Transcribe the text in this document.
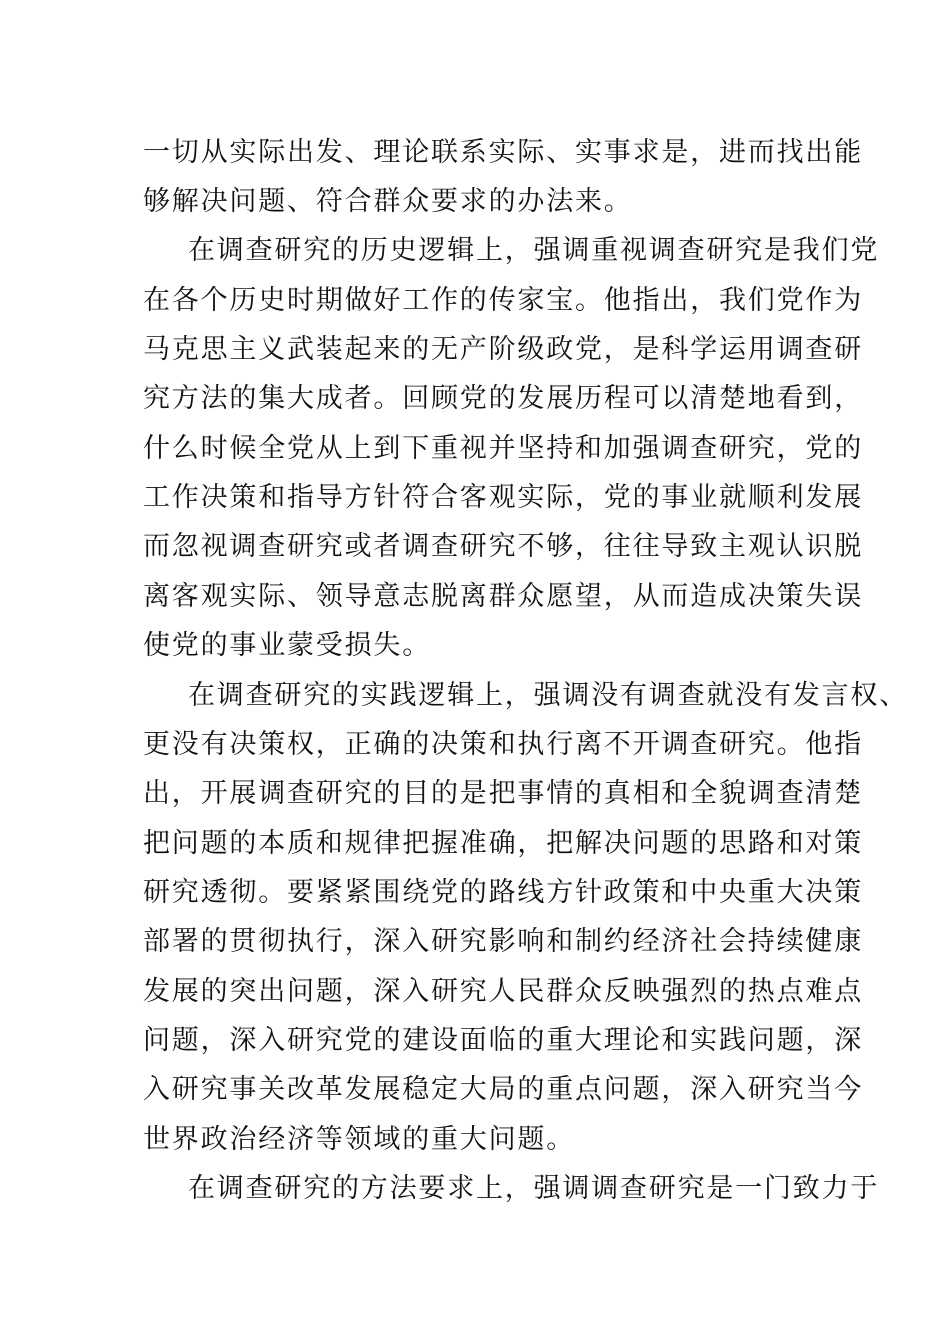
一切从实际出发、理论联系实际、实事求是，进而找出能

够解决问题、符合群众要求的办法来。

在调查研究的历史逻辑上，强调重视调查研究是我们党

在各个历史时期做好工作的传家宝。他指出，我们党作为

马克思主义武装起来的无产阶级政党，是科学运用调查研

究方法的集大成者。回顾党的发展历程可以清楚地看到，

什么时候全党从上到下重视并坚持和加强调查研究，党的

工作决策和指导方针符合客观实际，党的事业就顺利发展

而忽视调查研究或者调查研究不够，往往导致主观认识脱

离客观实际、领导意志脱离群众愿望，从而造成决策失误

使党的事业蒙受损失。

在调查研究的实践逻辑上，强调没有调查就没有发言权、

更没有决策权，正确的决策和执行离不开调查研究。他指

出，开展调查研究的目的是把事情的真相和全貌调查清楚

把问题的本质和规律把握准确，把解决问题的思路和对策

研究透彻。要紧紧围绕党的路线方针政策和中央重大决策

部署的贯彻执行，深入研究影响和制约经济社会持续健康

发展的突出问题，深入研究人民群众反映强烈的热点难点

问题，深入研究党的建设面临的重大理论和实践问题，深

入研究事关改革发展稳定大局的重点问题，深入研究当今

世界政治经济等领域的重大问题。

在调查研究的方法要求上，强调调查研究是一门致力于
